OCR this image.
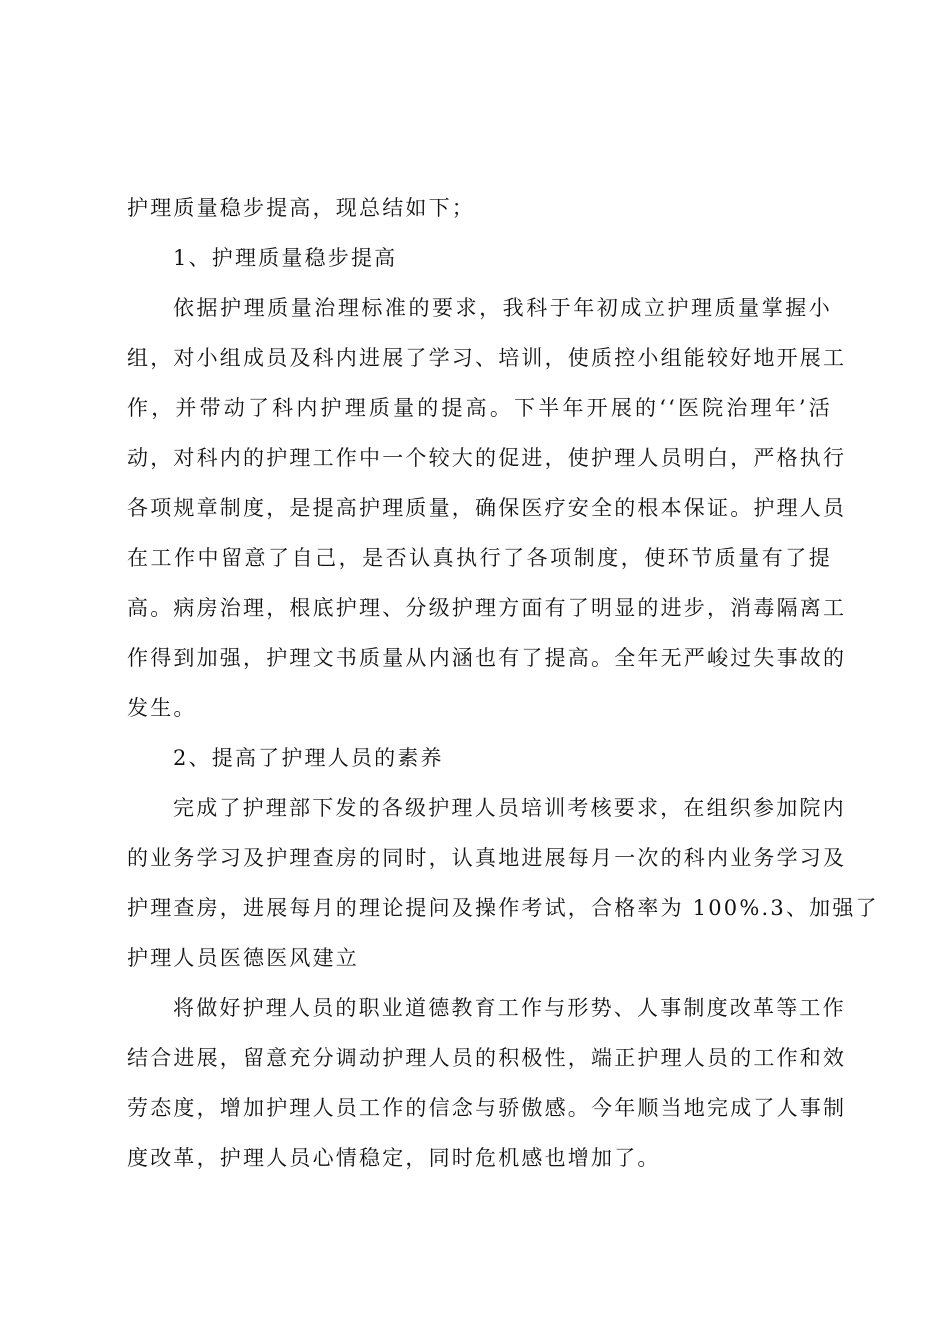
护理质量稳步提高，现总结如下；
1、护理质量稳步提高
依据护理质量治理标准的要求，我科于年初成立护理质量掌握小
组，对小组成员及科内进展了学习、培训，使质控小组能较好地开展工
作，并带动了科内护理质量的提高。下半年开展的‘‘医院治理年’活
动，对科内的护理工作中一个较大的促进，使护理人员明白，严格执行
各项规章制度，是提高护理质量，确保医疗安全的根本保证。护理人员
在工作中留意了自己，是否认真执行了各项制度，使环节质量有了提
高。病房治理，根底护理、分级护理方面有了明显的进步，消毒隔离工
作得到加强，护理文书质量从内涵也有了提高。全年无严峻过失事故的
发生。
2、提高了护理人员的素养
完成了护理部下发的各级护理人员培训考核要求，在组织参加院内
的业务学习及护理查房的同时，认真地进展每月一次的科内业务学习及
护理查房，进展每月的理论提问及操作考试，合格率为 100%.3、加强了
护理人员医德医风建立
将做好护理人员的职业道德教育工作与形势、人事制度改革等工作
结合进展，留意充分调动护理人员的积极性，端正护理人员的工作和效
劳态度，增加护理人员工作的信念与骄傲感。今年顺当地完成了人事制
度改革，护理人员心情稳定，同时危机感也增加了。
